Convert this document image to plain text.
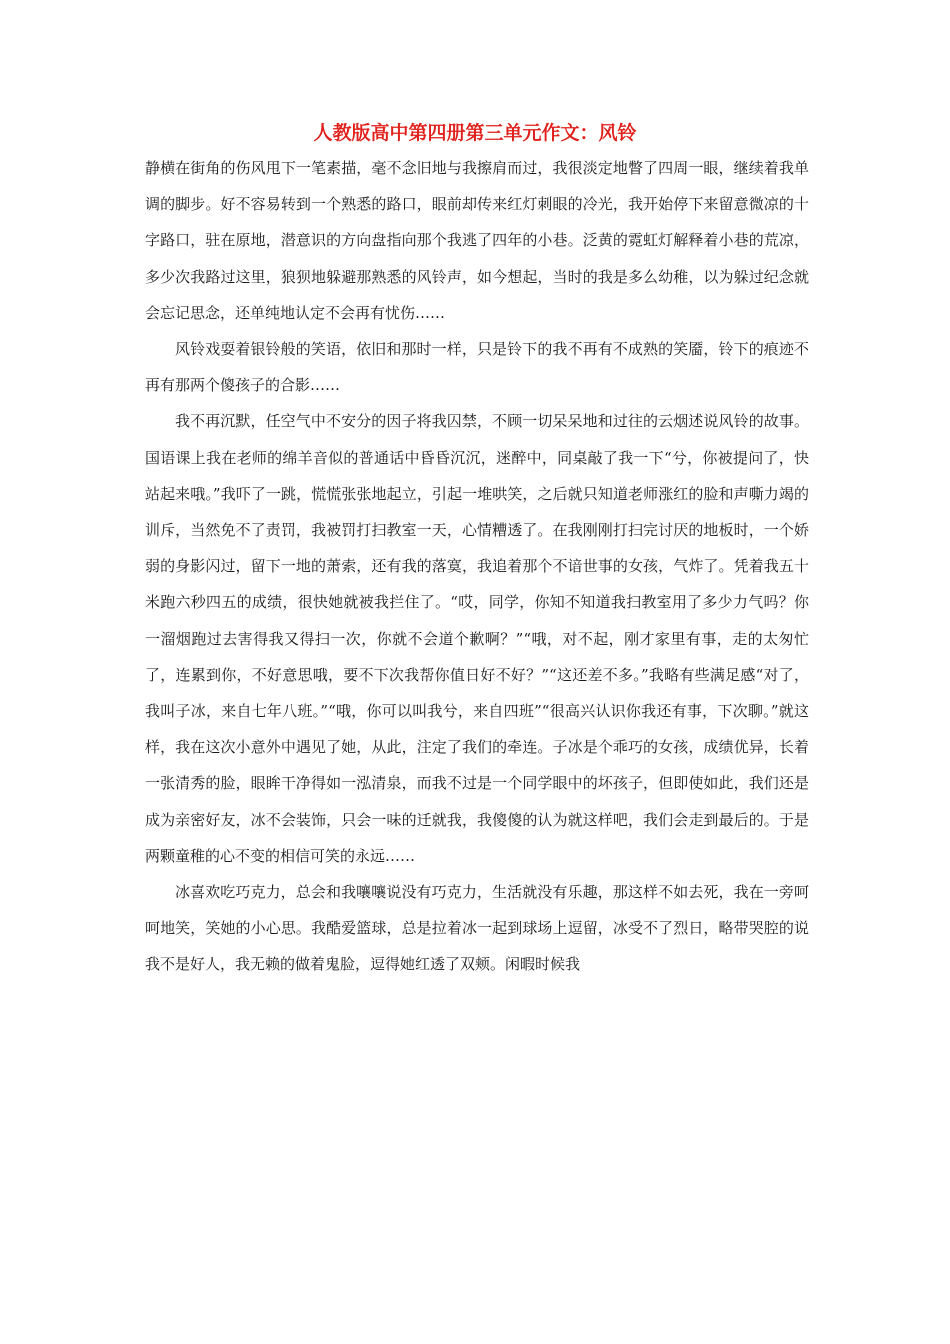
人教版高中第四册第三单元作文：风铃

静横在街角的伤风甩下一笔素描，毫不念旧地与我擦肩而过，我很淡定地瞥了四周一眼，继续着我单调的脚步。好不容易转到一个熟悉的路口，眼前却传来红灯刺眼的冷光，我开始停下来留意微凉的十字路口，驻在原地，潜意识的方向盘指向那个我逃了四年的小巷。泛黄的霓虹灯解释着小巷的荒凉，多少次我路过这里，狼狈地躲避那熟悉的风铃声，如今想起，当时的我是多么幼稚，以为躲过纪念就会忘记思念，还单纯地认定不会再有忧伤……

风铃戏耍着银铃般的笑语，依旧和那时一样，只是铃下的我不再有不成熟的笑靥，铃下的痕迹不再有那两个傻孩子的合影……

我不再沉默，任空气中不安分的因子将我囚禁，不顾一切呆呆地和过往的云烟述说风铃的故事。国语课上我在老师的绵羊音似的普通话中昏昏沉沉，迷醉中，同桌敲了我一下“兮，你被提问了，快站起来哦。”我吓了一跳，慌慌张张地起立，引起一堆哄笑，之后就只知道老师涨红的脸和声嘶力竭的训斥，当然免不了责罚，我被罚打扫教室一天，心情糟透了。在我刚刚打扫完讨厌的地板时，一个娇弱的身影闪过，留下一地的萧索，还有我的落寞，我追着那个不谙世事的女孩，气炸了。凭着我五十米跑六秒四五的成绩，很快她就被我拦住了。“哎，同学，你知不知道我扫教室用了多少力气吗？你一溜烟跑过去害得我又得扫一次，你就不会道个歉啊？”“哦，对不起，刚才家里有事，走的太匆忙了，连累到你，不好意思哦，要不下次我帮你值日好不好？”“这还差不多。”我略有些满足感“对了，我叫子冰，来自七年八班。”“哦，你可以叫我兮，来自四班”“很高兴认识你我还有事，下次聊。”就这样，我在这次小意外中遇见了她，从此，注定了我们的牵连。子冰是个乖巧的女孩，成绩优异，长着一张清秀的脸，眼眸干净得如一泓清泉，而我不过是一个同学眼中的坏孩子，但即使如此，我们还是成为亲密好友，冰不会装饰，只会一味的迁就我，我傻傻的认为就这样吧，我们会走到最后的。于是两颗童稚的心不变的相信可笑的永远……

冰喜欢吃巧克力，总会和我嚷嚷说没有巧克力，生活就没有乐趣，那这样不如去死，我在一旁呵呵地笑，笑她的小心思。我酷爱篮球，总是拉着冰一起到球场上逗留，冰受不了烈日，略带哭腔的说我不是好人，我无赖的做着鬼脸，逗得她红透了双颊。闲暇时候我
